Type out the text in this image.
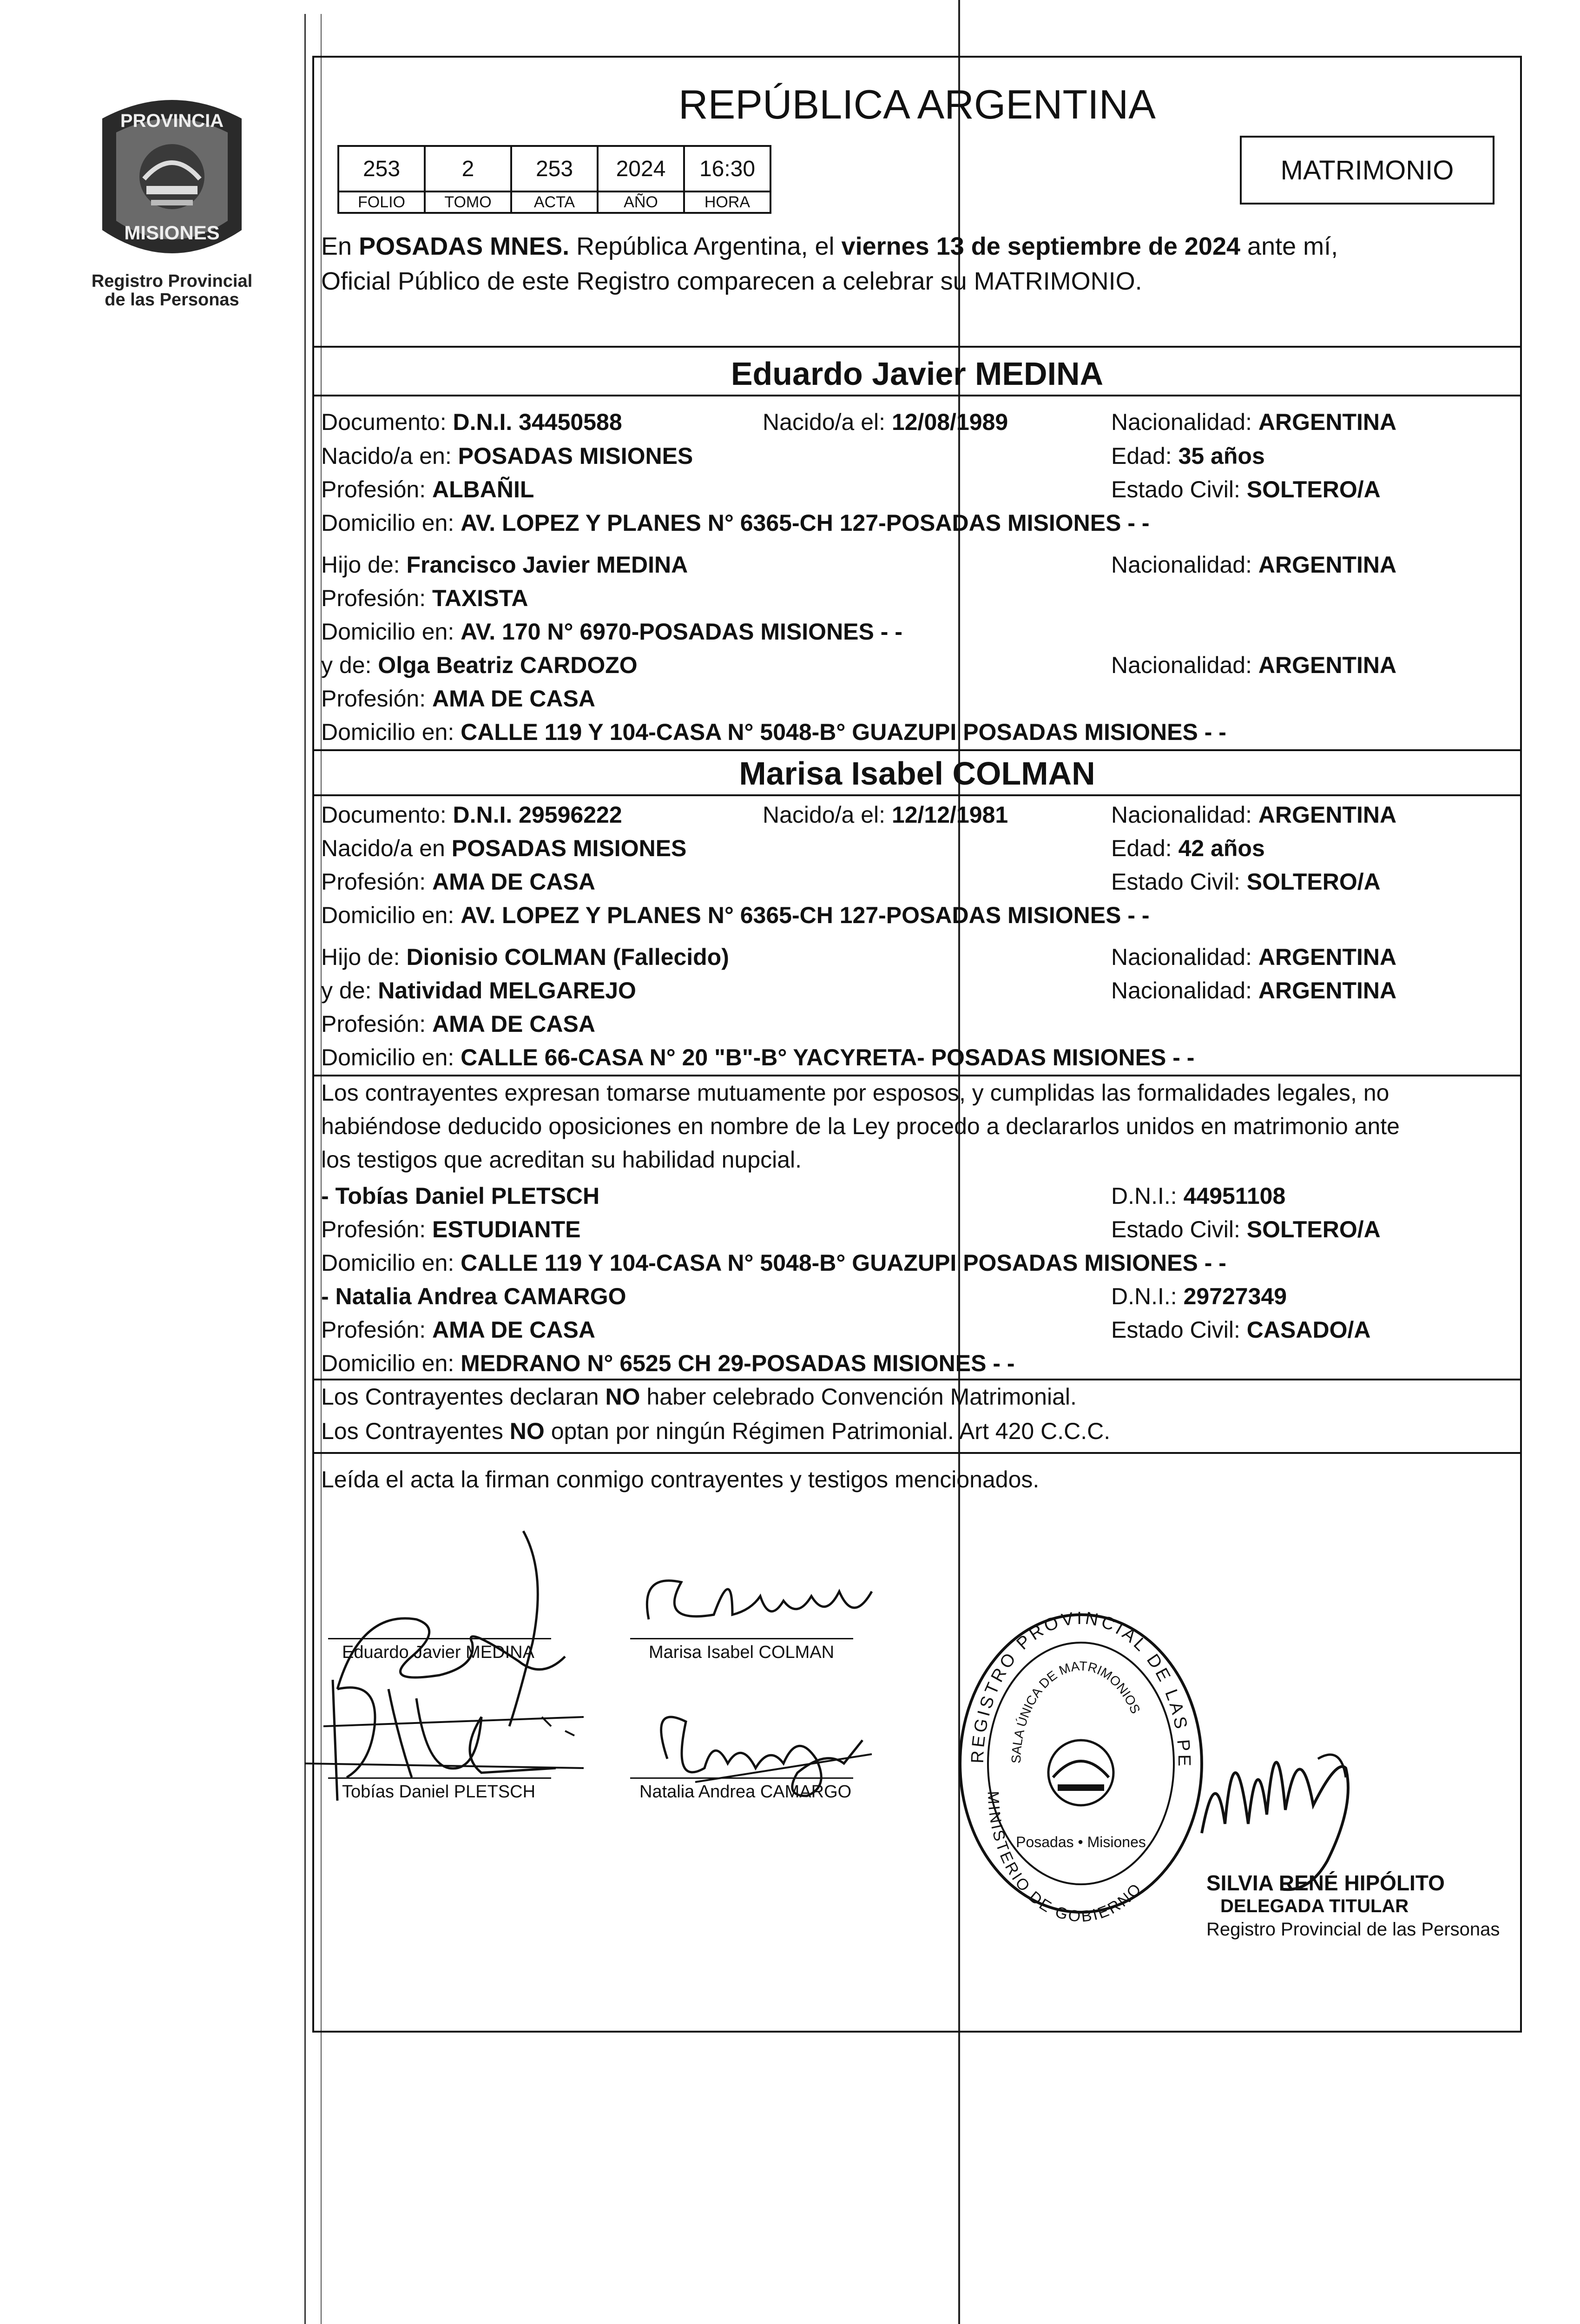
PROVINCIA
MISIONES
Registro Provincial
de las Personas
REPÚBLICA ARGENTINA
253	2	253	2024	16:30
FOLIO	TOMO	ACTA	AÑO	HORA
MATRIMONIO
En POSADAS MNES. República Argentina, el viernes 13 de septiembre de 2024 ante mí,
Oficial Público de este Registro comparecen a celebrar su MATRIMONIO.
Eduardo Javier MEDINA
Documento: D.N.I. 34450588	Nacido/a el: 12/08/1989	Nacionalidad: ARGENTINA
Nacido/a en: POSADAS MISIONES	Edad: 35 años
Profesión: ALBAÑIL	Estado Civil: SOLTERO/A
Domicilio en: AV. LOPEZ Y PLANES N° 6365-CH 127-POSADAS MISIONES - -
Hijo de: Francisco Javier MEDINA	Nacionalidad: ARGENTINA
Profesión: TAXISTA
Domicilio en: AV. 170 N° 6970-POSADAS MISIONES - -
y de: Olga Beatriz CARDOZO	Nacionalidad: ARGENTINA
Profesión: AMA DE CASA
Domicilio en: CALLE 119 Y 104-CASA N° 5048-B° GUAZUPI POSADAS MISIONES - -
Marisa Isabel COLMAN
Documento: D.N.I. 29596222	Nacido/a el: 12/12/1981	Nacionalidad: ARGENTINA
Nacido/a en POSADAS MISIONES	Edad: 42 años
Profesión: AMA DE CASA	Estado Civil: SOLTERO/A
Domicilio en: AV. LOPEZ Y PLANES N° 6365-CH 127-POSADAS MISIONES - -
Hijo de: Dionisio COLMAN (Fallecido)	Nacionalidad: ARGENTINA
y de: Natividad MELGAREJO	Nacionalidad: ARGENTINA
Profesión: AMA DE CASA
Domicilio en: CALLE 66-CASA N° 20 "B"-B° YACYRETA- POSADAS MISIONES - -
Los contrayentes expresan tomarse mutuamente por esposos, y cumplidas las formalidades legales, no
habiéndose deducido oposiciones en nombre de la Ley procedo a declararlos unidos en matrimonio ante
los testigos que acreditan su habilidad nupcial.
- Tobías Daniel PLETSCH	D.N.I.: 44951108
Profesión: ESTUDIANTE	Estado Civil: SOLTERO/A
Domicilio en: CALLE 119 Y 104-CASA N° 5048-B° GUAZUPI POSADAS MISIONES - -
- Natalia Andrea CAMARGO	D.N.I.: 29727349
Profesión: AMA DE CASA	Estado Civil: CASADO/A
Domicilio en: MEDRANO N° 6525 CH 29-POSADAS MISIONES - -
Los Contrayentes declaran NO haber celebrado Convención Matrimonial.
Los Contrayentes NO optan por ningún Régimen Patrimonial. Art 420 C.C.C.
Leída el acta la firman conmigo contrayentes y testigos mencionados.
Eduardo Javier MEDINA	Marisa Isabel COLMAN
Tobías Daniel PLETSCH	Natalia Andrea CAMARGO
REGISTRO PROVINCIAL DE LAS PERSONAS
SALA ÚNICA DE MATRIMONIOS
MINISTERIO DE GOBIERNO
Posadas • Misiones
SILVIA RENÉ HIPÓLITO
DELEGADA TITULAR
Registro Provincial de las Personas
